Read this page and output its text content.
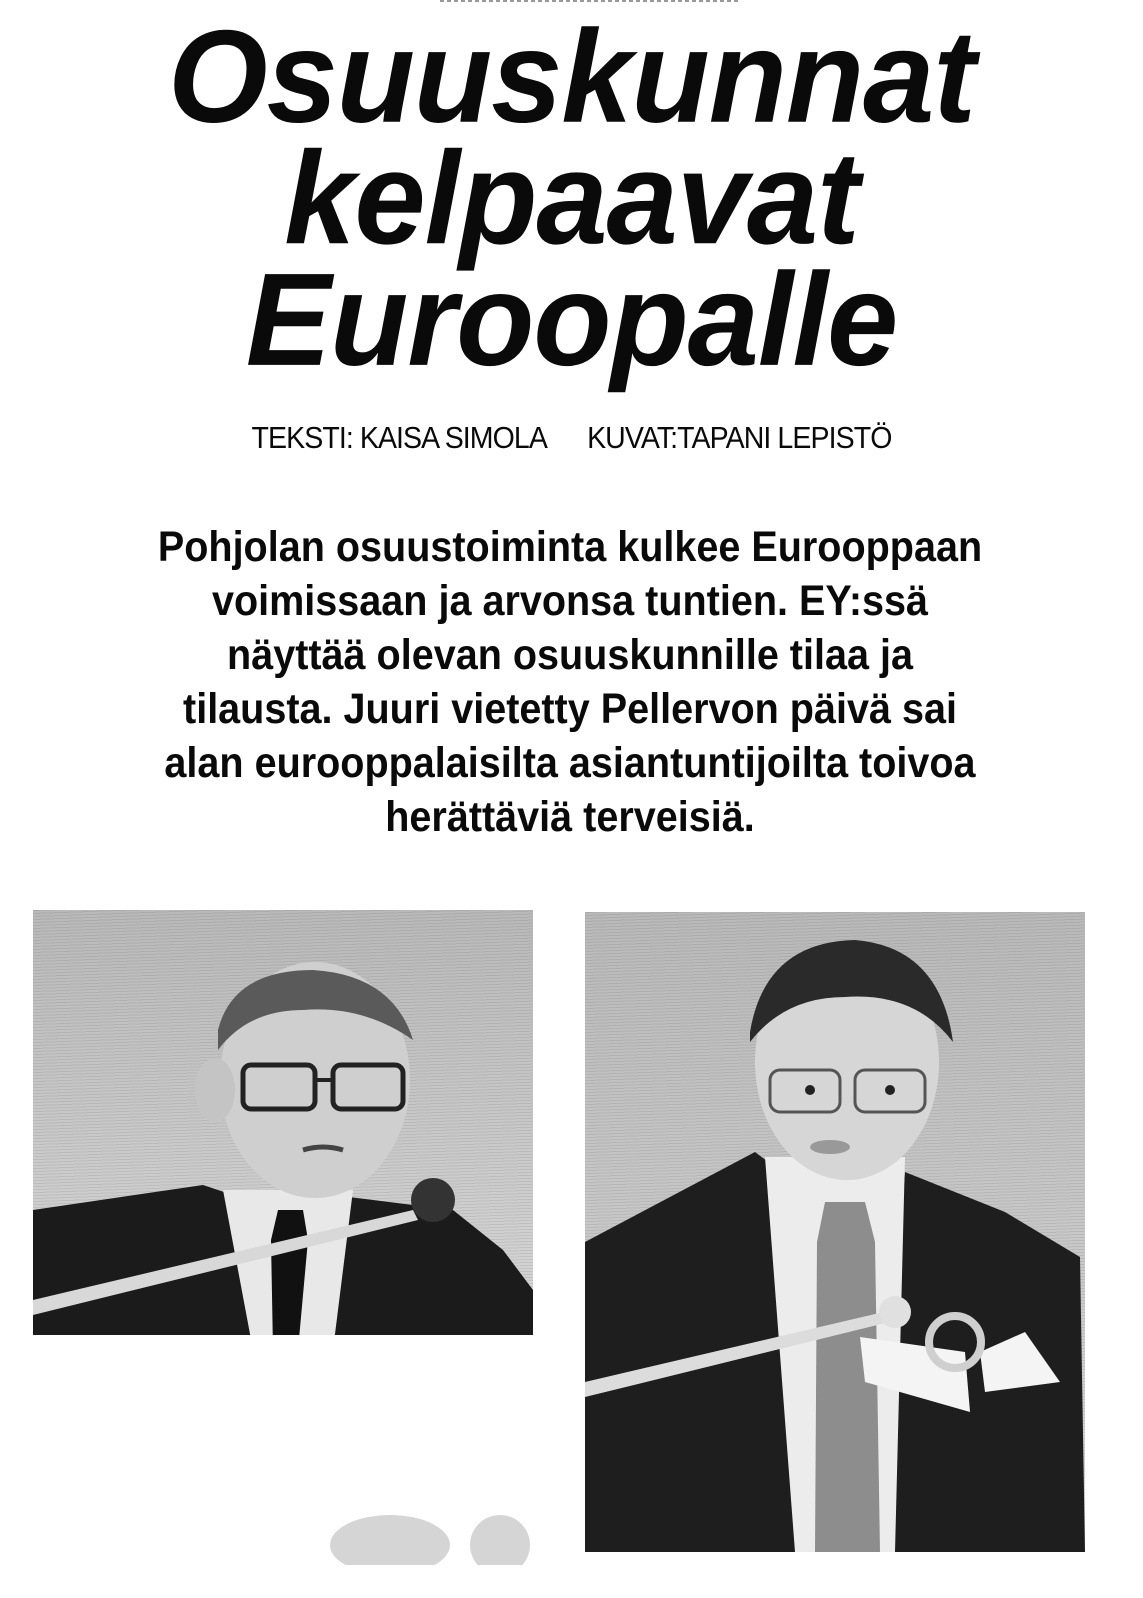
Osuuskunnat
kelpaavat
Euroopalle
TEKSTI: KAISA SIMOLA KUVAT:TAPANI LEPISTÖ
Pohjolan osuustoiminta kulkee Eurooppaan
voimissaan ja arvonsa tuntien. EY:ssä
näyttää olevan osuuskunnille tilaa ja
tilausta. Juuri vietetty Pellervon päivä sai
alan eurooppalaisilta asiantuntijoilta toivoa
herättäviä terveisiä.
